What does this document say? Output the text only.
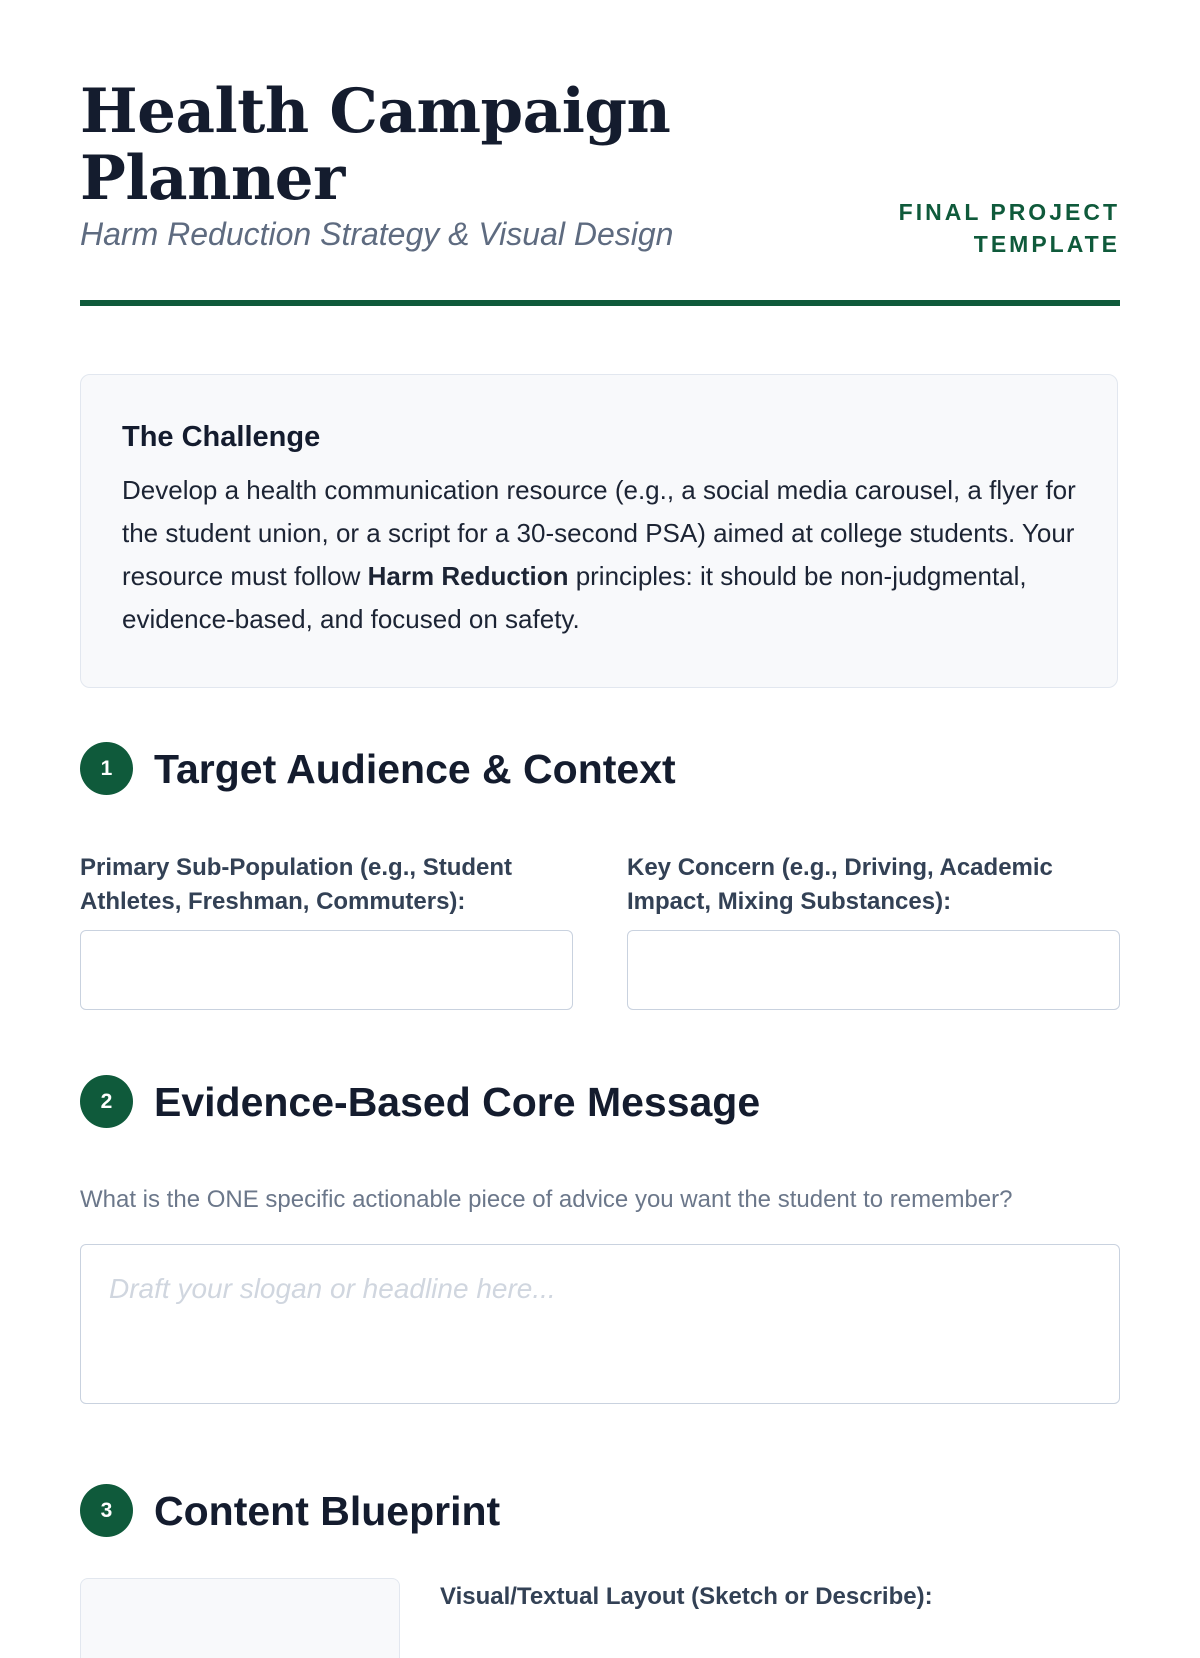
Health Campaign Planner
Harm Reduction Strategy & Visual Design
FINAL PROJECT
TEMPLATE
The Challenge

Develop a health communication resource (e.g., a social media carousel, a flyer for the student union, or a script for a 30-second PSA) aimed at college students. Your resource must follow Harm Reduction principles: it should be non-judgmental, evidence-based, and focused on safety.

1	Target Audience & Context
Primary Sub-Population (e.g., Student Athletes, Freshman, Commuters):
Key Concern (e.g., Driving, Academic Impact, Mixing Substances):
2	Evidence-Based Core Message
What is the ONE specific actionable piece of advice you want the student to remember?
Draft your slogan or headline here...
3	Content Blueprint
Visual/Textual Layout (Sketch or Describe):
